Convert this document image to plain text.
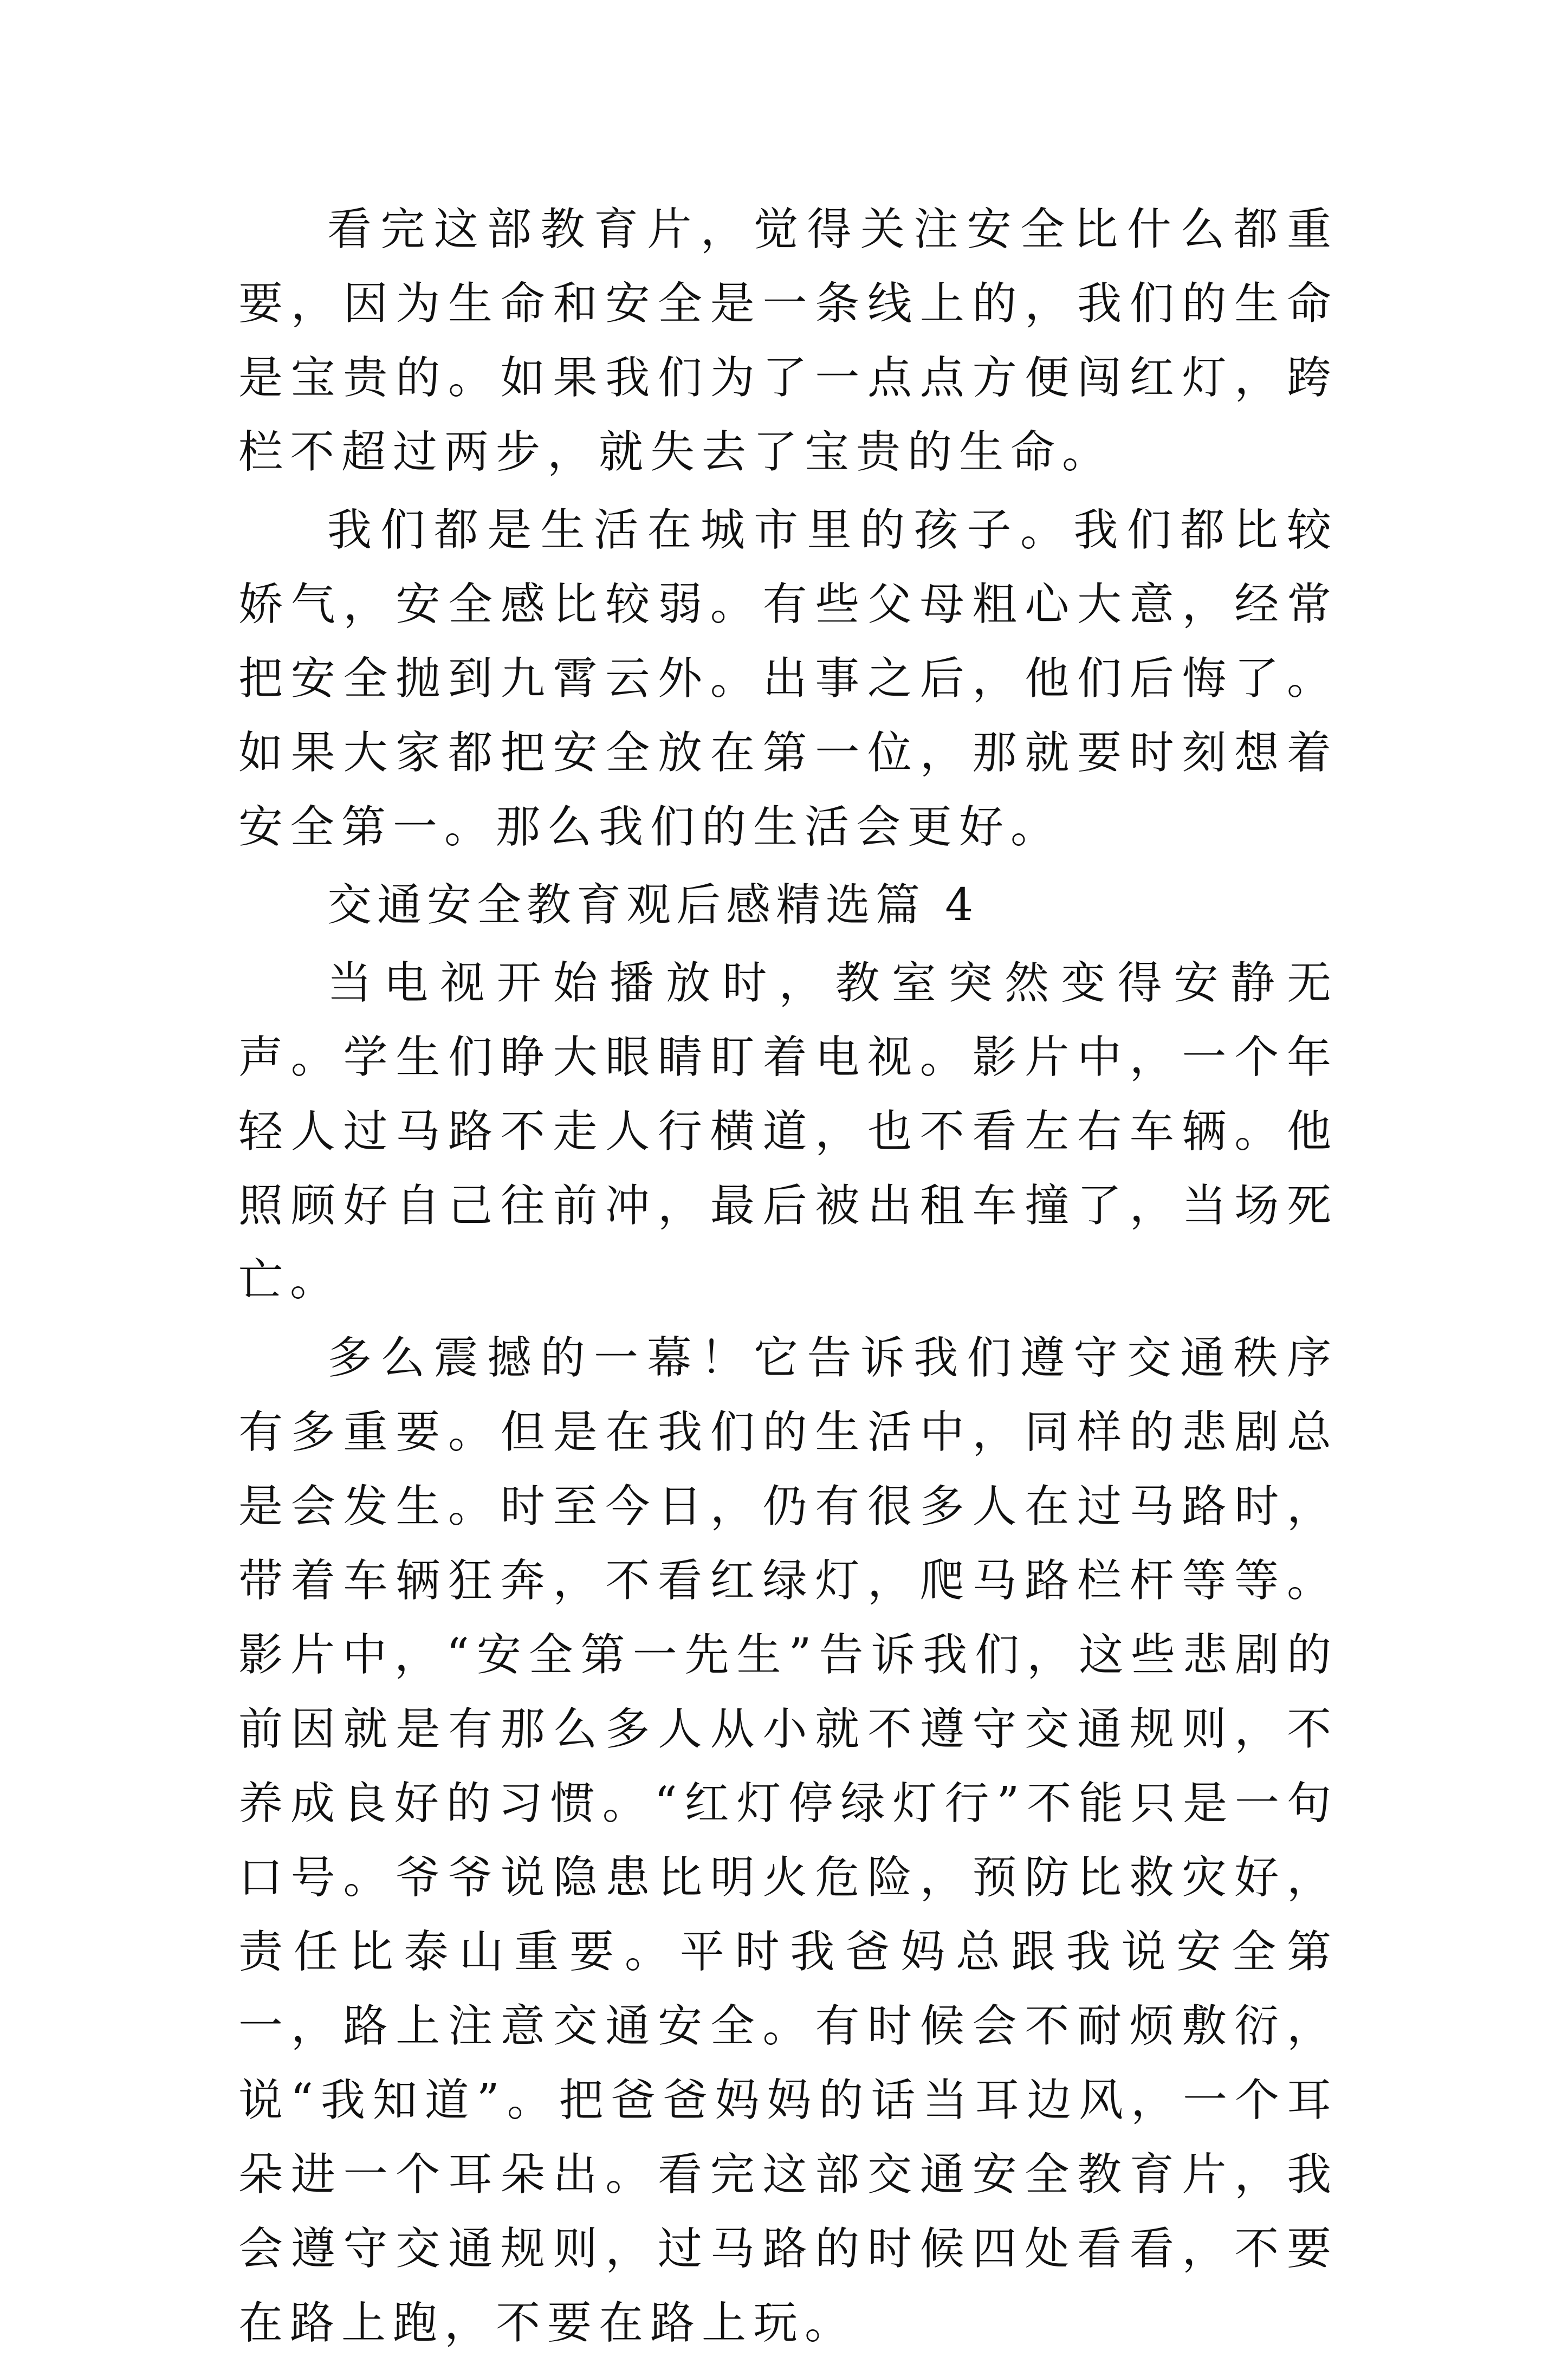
看完这部教育片，觉得关注安全比什么都重要，因为生命和安全是一条线上的，我们的生命是宝贵的。如果我们为了一点点方便闯红灯，跨栏不超过两步，就失去了宝贵的生命。

我们都是生活在城市里的孩子。我们都比较娇气，安全感比较弱。有些父母粗心大意，经常把安全抛到九霄云外。出事之后，他们后悔了。如果大家都把安全放在第一位，那就要时刻想着安全第一。那么我们的生活会更好。

交通安全教育观后感精选篇 4

当电视开始播放时，教室突然变得安静无声。学生们睁大眼睛盯着电视。影片中，一个年轻人过马路不走人行横道，也不看左右车辆。他照顾好自己往前冲，最后被出租车撞了，当场死亡。

多么震撼的一幕！它告诉我们遵守交通秩序有多重要。但是在我们的生活中，同样的悲剧总是会发生。时至今日，仍有很多人在过马路时，带着车辆狂奔，不看红绿灯，爬马路栏杆等等。影片中，“安全第一先生”告诉我们，这些悲剧的前因就是有那么多人从小就不遵守交通规则，不养成良好的习惯。“红灯停绿灯行”不能只是一句口号。爷爷说隐患比明火危险，预防比救灾好，责任比泰山重要。平时我爸妈总跟我说安全第一，路上注意交通安全。有时候会不耐烦敷衍，说“我知道”。把爸爸妈妈的话当耳边风，一个耳朵进一个耳朵出。看完这部交通安全教育片，我会遵守交通规则，过马路的时候四处看看，不要在路上跑，不要在路上玩。
